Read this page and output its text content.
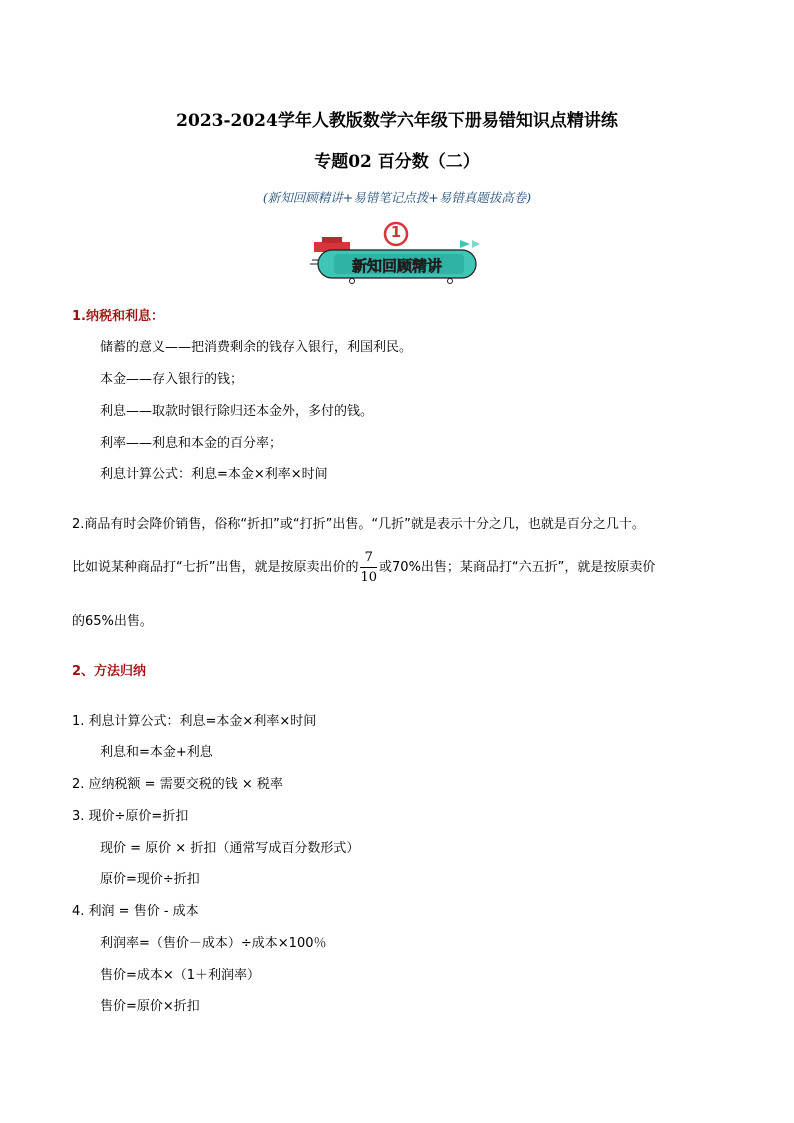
2023-2024学年人教版数学六年级下册易错知识点精讲练
专题02 百分数（二）
(新知回顾精讲+易错笔记点拨+易错真题拔高卷)
1
新知回顾精讲
1.纳税和利息：
储蓄的意义——把消费剩余的钱存入银行，利国利民。
本金——存入银行的钱；
利息——取款时银行除归还本金外，多付的钱。
利率——利息和本金的百分率；
利息计算公式：利息=本金×利率×时间
2.商品有时会降价销售，俗称“折扣”或“打折”出售。“几折”就是表示十分之几，也就是百分之几十。
比如说某种商品打“七折”出售，就是按原卖出价的 $\frac{7}{10}$ 或70%出售；某商品打“六五折”，就是按原卖价
的65%出售。
2、方法归纳
1. 利息计算公式：利息=本金×利率×时间
利息和=本金+利息
2. 应纳税额 = 需要交税的钱 × 税率
3. 现价÷原价=折扣
现价 = 原价 × 折扣（通常写成百分数形式）
原价=现价÷折扣
4. 利润 = 售价 - 成本
利润率=（售价－成本）÷成本×100％
售价=成本×（1＋利润率）
售价=原价×折扣
